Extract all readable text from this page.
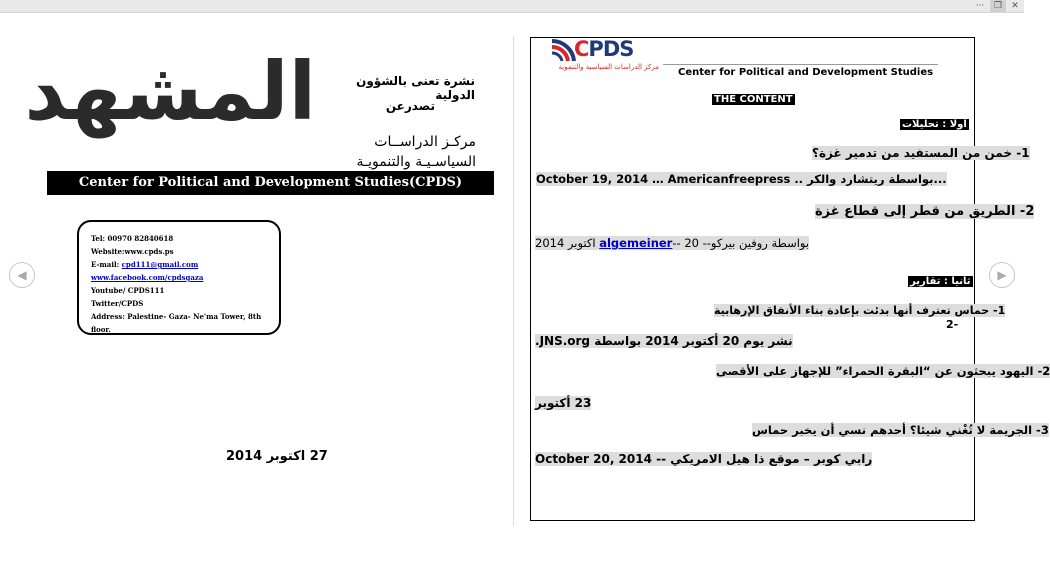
···	❐	✕
◀	▶
المشهد	نشرة تعنى بالشؤون الدولية
تصدرعن
مركـز الدراســات
السياسـيـة والتنمويـة
Center for Political and Development Studies(CPDS)
Tel: 00970 82840618
Website:www.cpds.ps
E-mail: cpd111@gmail.com
www.facebook.com/cpdsgaza
Youtube/ CPDS111
Twitter/CPDS
Address: Palestine- Gaza- Ne'ma Tower, 8th floor.
27 اكتوبر 2014
CPDS
مركز الدراسات السياسية والتنموية Center for Political and Development Studies
THE CONTENT
اولا : تحليلات
1- خمن من المستفيد من تدمير غزة؟
October 19, 2014 … Americanfreepress .. بواسطة ريتشارد والكر...
2- الطريق من قطر إلى قطاع غزة
بواسطة روفين بيركو-- algemeiner-- 20 اكتوبر 2014
ثانيا : تقارير
1- حماس تعترف أنها بدئت بإعادة بناء الأنفاق الإرهابية
2-
نشر يوم 20 أكتوبر 2014 بواسطة JNS.org.
2- اليهود يبحثون عن “البقرة الحمراء” للإجهاز على الأقصى
23 أكتوبر
3- الجريمة لا تُغْني شيئا؟ أحدهم نسي أن يخبر حماس
October 20, 2014 -- رابي كوبر – موقع ذا هيل الامريكي
